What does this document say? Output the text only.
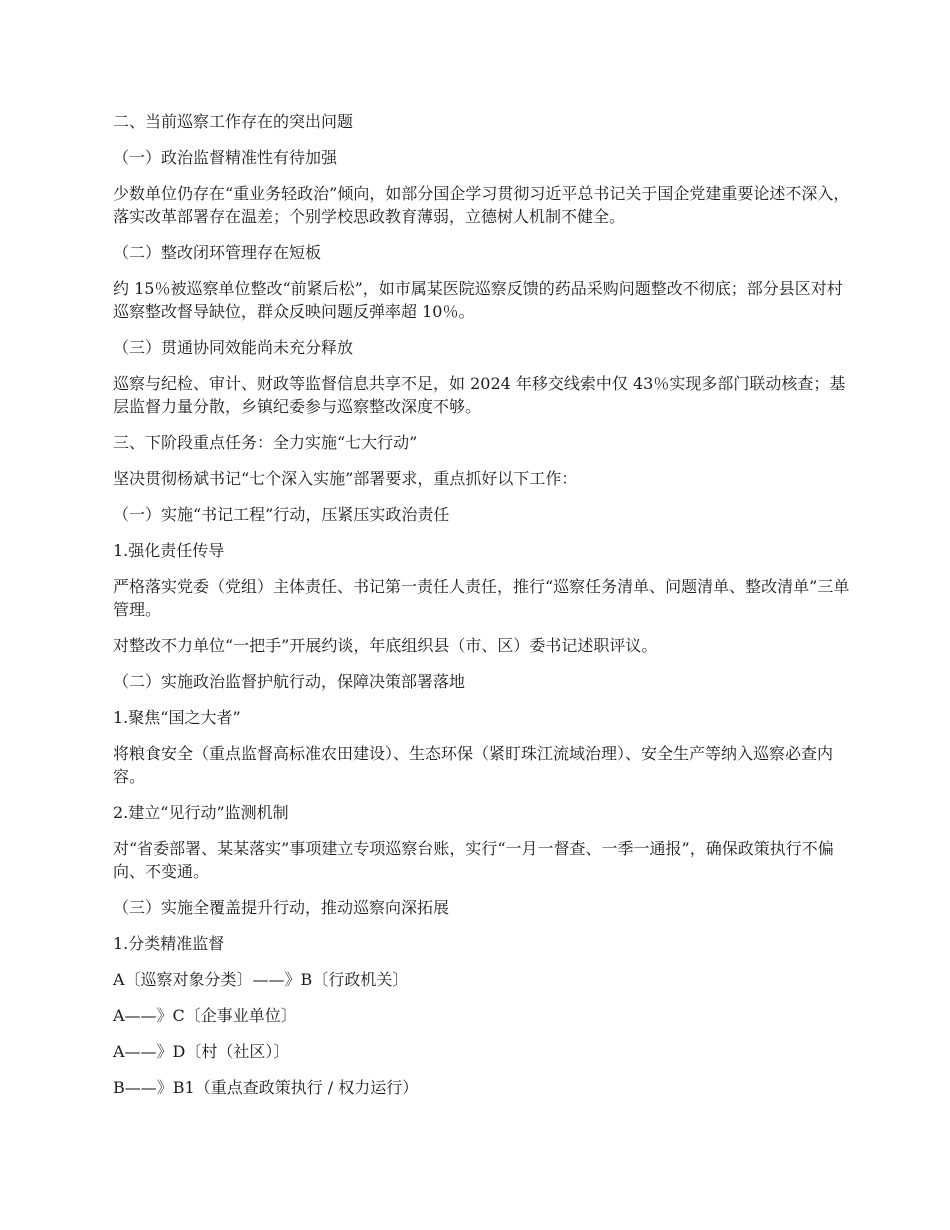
二、当前巡察工作存在的突出问题

（一）政治监督精准性有待加强

少数单位仍存在“重业务轻政治”倾向，如部分国企学习贯彻习近平总书记关于国企党建重要论述不深入，落实改革部署存在温差；个别学校思政教育薄弱，立德树人机制不健全。

（二）整改闭环管理存在短板

约 15％被巡察单位整改“前紧后松”，如市属某医院巡察反馈的药品采购问题整改不彻底；部分县区对村巡察整改督导缺位，群众反映问题反弹率超 10％。

（三）贯通协同效能尚未充分释放

巡察与纪检、审计、财政等监督信息共享不足，如 2024 年移交线索中仅 43％实现多部门联动核查；基层监督力量分散，乡镇纪委参与巡察整改深度不够。

三、下阶段重点任务：全力实施“七大行动”

坚决贯彻杨斌书记“七个深入实施”部署要求，重点抓好以下工作：

（一）实施“书记工程”行动，压紧压实政治责任

1.强化责任传导

严格落实党委（党组）主体责任、书记第一责任人责任，推行“巡察任务清单、问题清单、整改清单”三单管理。

对整改不力单位“一把手”开展约谈，年底组织县（市、区）委书记述职评议。

（二）实施政治监督护航行动，保障决策部署落地

1.聚焦“国之大者”

将粮食安全（重点监督高标准农田建设）、生态环保（紧盯珠江流域治理）、安全生产等纳入巡察必查内容。

2.建立“见行动”监测机制

对“省委部署、某某落实”事项建立专项巡察台账，实行“一月一督查、一季一通报”，确保政策执行不偏向、不变通。

（三）实施全覆盖提升行动，推动巡察向深拓展

1.分类精准监督

A〔巡察对象分类〕——》B〔行政机关〕

A——》C〔企事业单位〕

A——》D〔村（社区）〕

B——》B1（重点查政策执行 / 权力运行）
